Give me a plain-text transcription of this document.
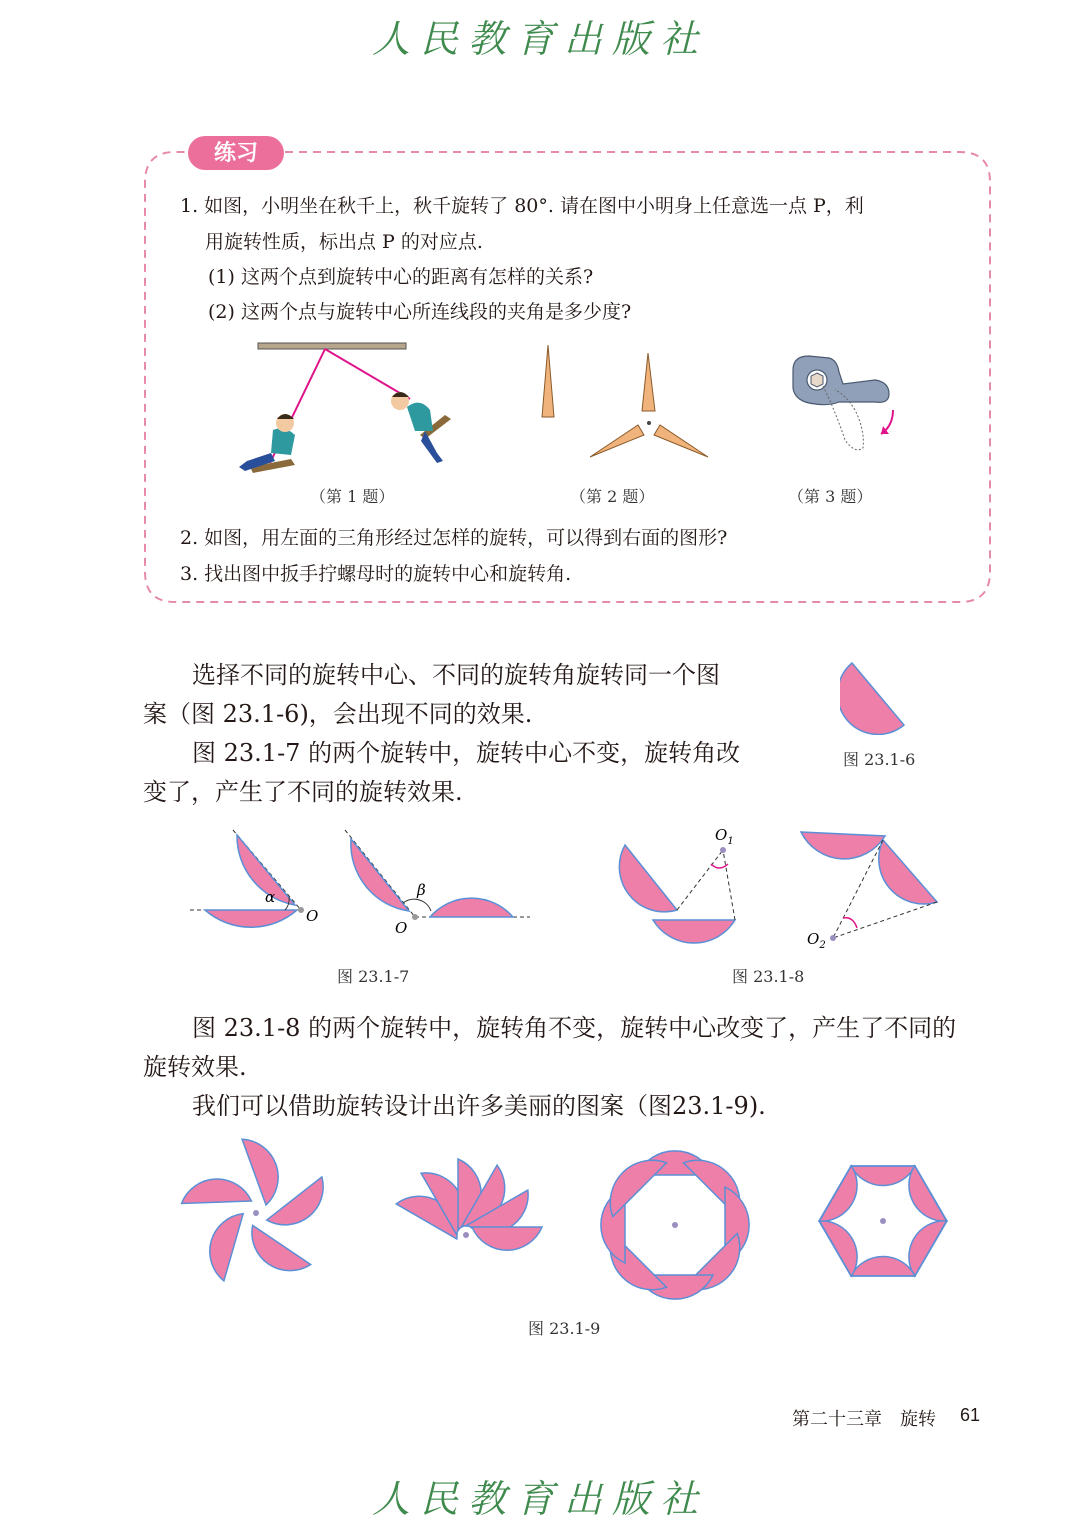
人民教育出版社
练习
1. 如图，小明坐在秋千上，秋千旋转了 80°. 请在图中小明身上任意选一点 P，利
用旋转性质，标出点 P 的对应点.
(1) 这两个点到旋转中心的距离有怎样的关系?
(2) 这两个点与旋转中心所连线段的夹角是多少度?
（第 1 题）	（第 2 题）	（第 3 题）
2. 如图，用左面的三角形经过怎样的旋转，可以得到右面的图形?
3. 找出图中扳手拧螺母时的旋转中心和旋转角.
选择不同的旋转中心、不同的旋转角旋转同一个图
案（图 23.1-6)，会出现不同的效果.
图 23.1-7 的两个旋转中，旋转中心不变，旋转角改
变了，产生了不同的旋转效果.
图 23.1-6
α
O
β
O
图 23.1-7
$O_1$
$O_2$
图 23.1-8
图 23.1-8 的两个旋转中，旋转角不变，旋转中心改变了，产生了不同的
旋转效果.
我们可以借助旋转设计出许多美丽的图案（图23.1-9).
图 23.1-9
第二十三章　旋转 61
人民教育出版社
